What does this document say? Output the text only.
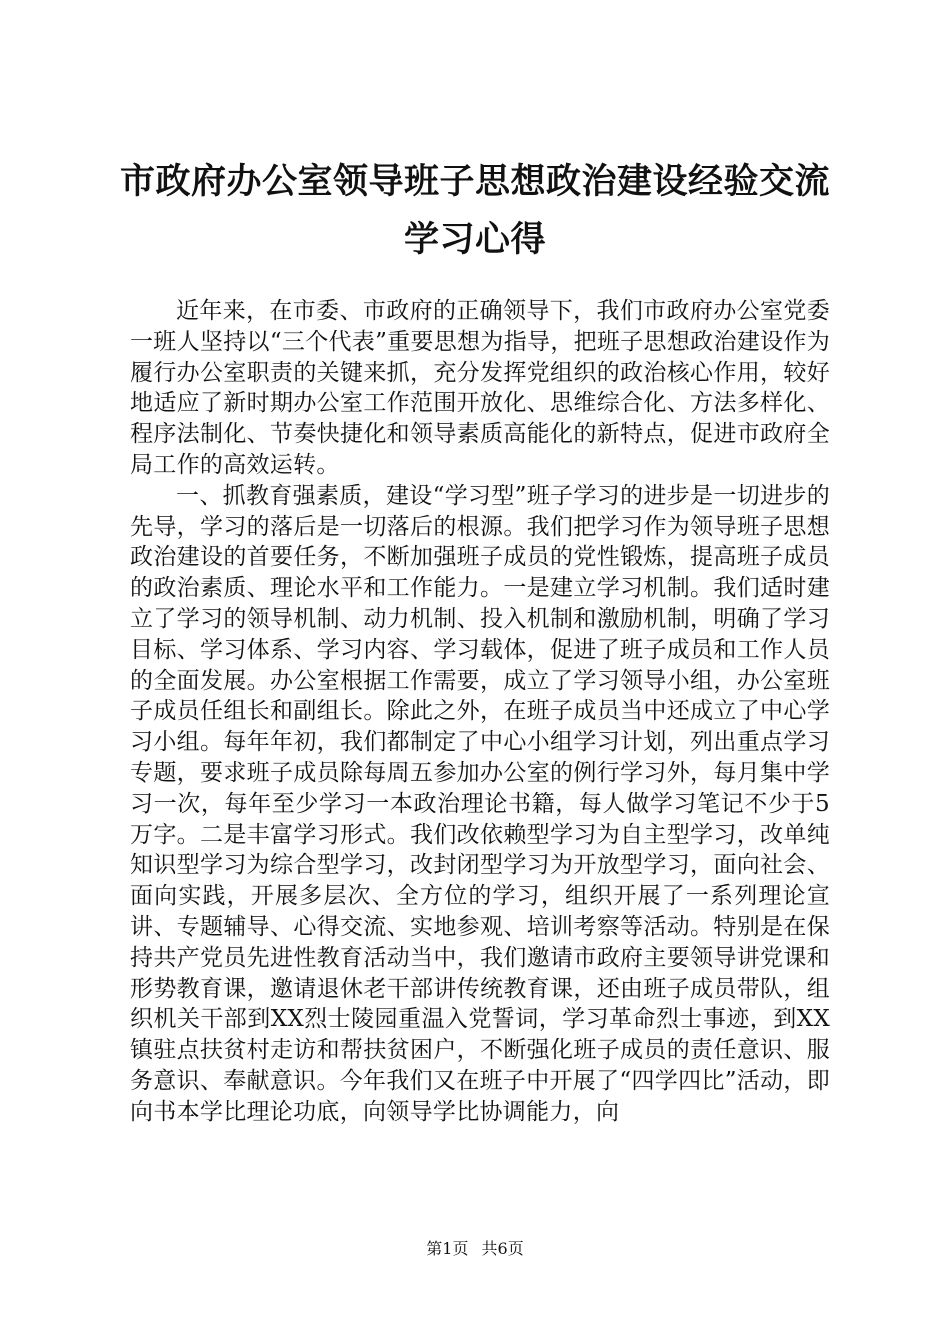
市政府办公室领导班子思想政治建设经验交流
学习心得

近年来，在市委、市政府的正确领导下，我们市政府办公室党委一班人坚持以“三个代表”重要思想为指导，把班子思想政治建设作为履行办公室职责的关键来抓，充分发挥党组织的政治核心作用，较好地适应了新时期办公室工作范围开放化、思维综合化、方法多样化、程序法制化、节奏快捷化和领导素质高能化的新特点，促进市政府全局工作的高效运转。

一、抓教育强素质，建设“学习型”班子学习的进步是一切进步的先导，学习的落后是一切落后的根源。我们把学习作为领导班子思想政治建设的首要任务，不断加强班子成员的党性锻炼，提高班子成员的政治素质、理论水平和工作能力。一是建立学习机制。我们适时建立了学习的领导机制、动力机制、投入机制和激励机制，明确了学习目标、学习体系、学习内容、学习载体，促进了班子成员和工作人员的全面发展。办公室根据工作需要，成立了学习领导小组，办公室班子成员任组长和副组长。除此之外，在班子成员当中还成立了中心学习小组。每年年初，我们都制定了中心小组学习计划，列出重点学习专题，要求班子成员除每周五参加办公室的例行学习外，每月集中学习一次，每年至少学习一本政治理论书籍，每人做学习笔记不少于5万字。二是丰富学习形式。我们改依赖型学习为自主型学习，改单纯知识型学习为综合型学习，改封闭型学习为开放型学习，面向社会、面向实践，开展多层次、全方位的学习，组织开展了一系列理论宣讲、专题辅导、心得交流、实地参观、培训考察等活动。特别是在保持共产党员先进性教育活动当中，我们邀请市政府主要领导讲党课和形势教育课，邀请退休老干部讲传统教育课，还由班子成员带队，组织机关干部到XX烈士陵园重温入党誓词，学习革命烈士事迹，到XX镇驻点扶贫村走访和帮扶贫困户，不断强化班子成员的责任意识、服务意识、奉献意识。今年我们又在班子中开展了“四学四比”活动，即向书本学比理论功底，向领导学比协调能力，向

第1页 共6页
